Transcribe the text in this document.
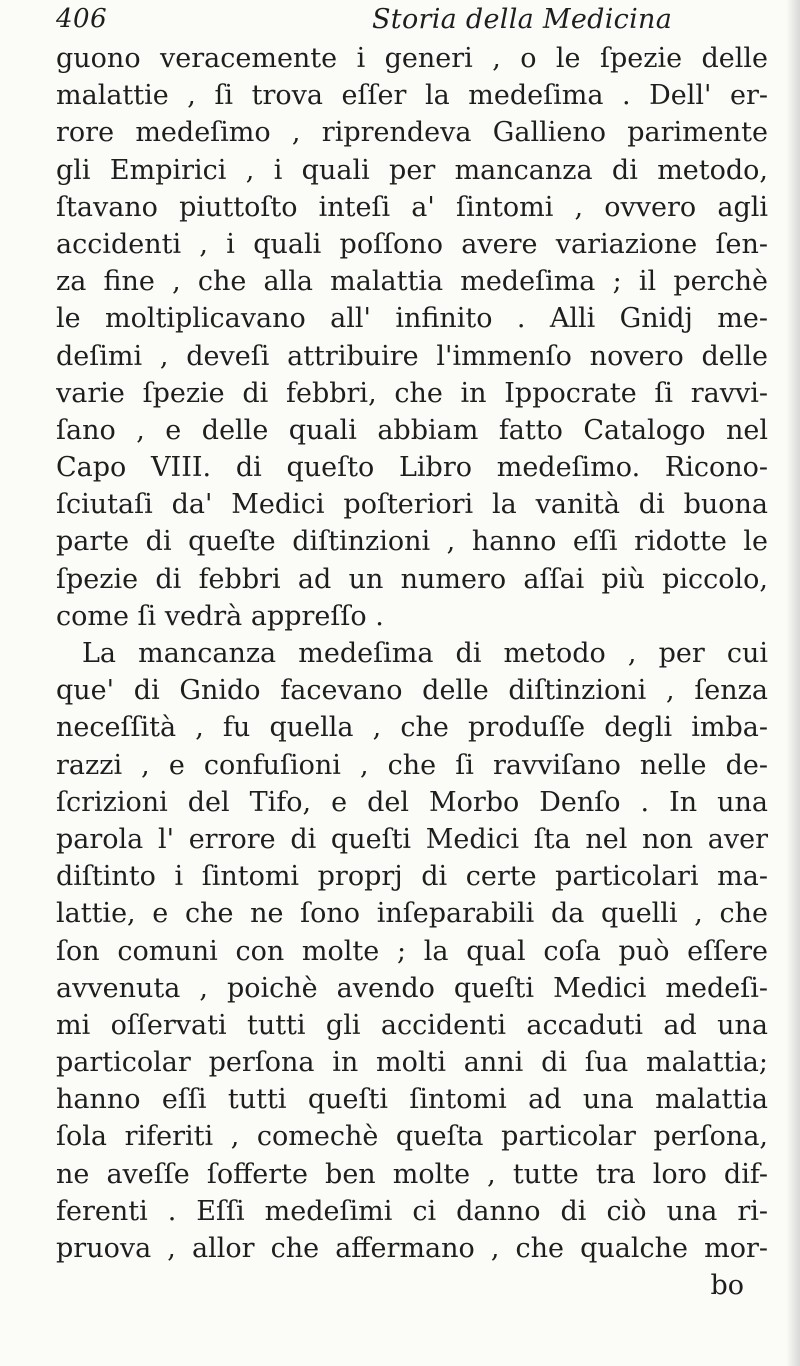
406	Storia della Medicina
guono veracemente i generi , o le ſpezie delle
malattie , ſi trova eſſer la medeſima . Dell' er-
rore medeſimo , riprendeva Gallieno parimente
gli Empirici , i quali per mancanza di metodo,
ſtavano piuttoſto inteſi a' ſintomi , ovvero agli
accidenti , i quali poſſono avere variazione ſen-
za fine , che alla malattia medeſima ; il perchè
le moltiplicavano all' infinito . Alli Gnidj me-
deſimi , deveſi attribuire l'immenſo novero delle
varie ſpezie di febbri, che in Ippocrate ſi ravvi-
ſano , e delle quali abbiam fatto Catalogo nel
Capo VIII. di queſto Libro medeſimo. Ricono-
ſciutaſi da' Medici poſteriori la vanità di buona
parte di queſte diſtinzioni , hanno eſſi ridotte le
ſpezie di febbri ad un numero aſſai più piccolo,
come ſi vedrà appreſſo .
La mancanza medeſima di metodo , per cui
que' di Gnido facevano delle diſtinzioni , ſenza
neceſſità , fu quella , che produſſe degli imba-
razzi , e confuſioni , che ſi ravviſano nelle de-
ſcrizioni del Tifo, e del Morbo Denſo . In una
parola l' errore di queſti Medici ſta nel non aver
diſtinto i ſintomi proprj di certe particolari ma-
lattie, e che ne ſono inſeparabili da quelli , che
ſon comuni con molte ; la qual coſa può eſſere
avvenuta , poichè avendo queſti Medici medeſi-
mi oſſervati tutti gli accidenti accaduti ad una
particolar perſona in molti anni di ſua malattia;
hanno eſſi tutti queſti ſintomi ad una malattia
ſola riferiti , comechè queſta particolar perſona,
ne aveſſe ſofferte ben molte , tutte tra loro dif-
ferenti . Eſſi medeſimi ci danno di ciò una ri-
pruova , allor che affermano , che qualche mor-
bo
